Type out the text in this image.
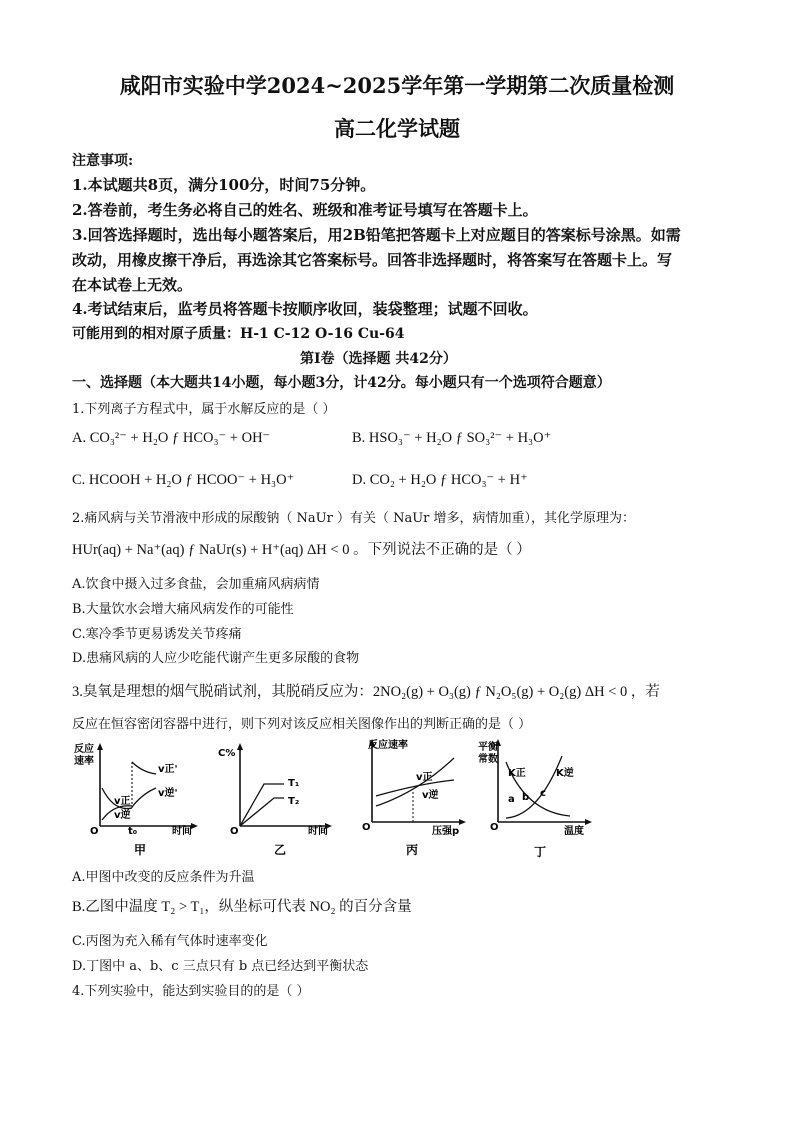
咸阳市实验中学2024~2025学年第一学期第二次质量检测
高二化学试题
注意事项:
1.本试题共8页，满分100分，时间75分钟。
2.答卷前，考生务必将自己的姓名、班级和准考证号填写在答题卡上。
3.回答选择题时，选出每小题答案后，用2B铅笔把答题卡上对应题目的答案标号涂黑。如需
改动，用橡皮擦干净后，再选涂其它答案标号。回答非选择题时，将答案写在答题卡上。写
在本试卷上无效。
4.考试结束后，监考员将答题卡按顺序收回，装袋整理；试题不回收。
可能用到的相对原子质量：H-1 C-12 O-16 Cu-64
第Ⅰ卷（选择题 共42分）
一、选择题（本大题共14小题，每小题3分，计42分。每小题只有一个选项符合题意）
1.下列离子方程式中，属于水解反应的是（ ）
A. CO₃²⁻ + H₂O ƒ HCO₃⁻ + OH⁻	B. HSO₃⁻ + H₂O ƒ SO₃²⁻ + H₃O⁺
C. HCOOH + H₂O ƒ HCOO⁻ + H₃O⁺	D. CO₂ + H₂O ƒ HCO₃⁻ + H⁺
2.痛风病与关节滑液中形成的尿酸钠（ NaUr ）有关（ NaUr 增多，病情加重），其化学原理为：
HUr(aq) + Na⁺(aq) ƒ NaUr(s) + H⁺(aq) ΔH < 0 。下列说法不正确的是（ ）
A.饮食中摄入过多食盐，会加重痛风病病情
B.大量饮水会增大痛风病发作的可能性
C.寒冷季节更易诱发关节疼痛
D.患痛风病的人应少吃能代谢产生更多尿酸的食物
3.臭氧是理想的烟气脱硝试剂，其脱硝反应为：2NO₂(g) + O₃(g) ƒ N₂O₅(g) + O₂(g) ΔH < 0 ，若
反应在恒容密闭容器中进行，则下列对该反应相关图像作出的判断正确的是（ ）
反应
速率
O	t₀	时间
v正'
v逆'
v正
v逆
甲
C%
O	时间
T₁
T₂
乙
反应速率
O	压强p
v正
v逆
丙
平衡
常数
O	温度
K正	K逆
a b c
丁
A.甲图中改变的反应条件为升温
B.乙图中温度 T₂ > T₁，纵坐标可代表 NO₂ 的百分含量
C.丙图为充入稀有气体时速率变化
D.丁图中 a、b、c 三点只有 b 点已经达到平衡状态
4.下列实验中，能达到实验目的的是（ ）
